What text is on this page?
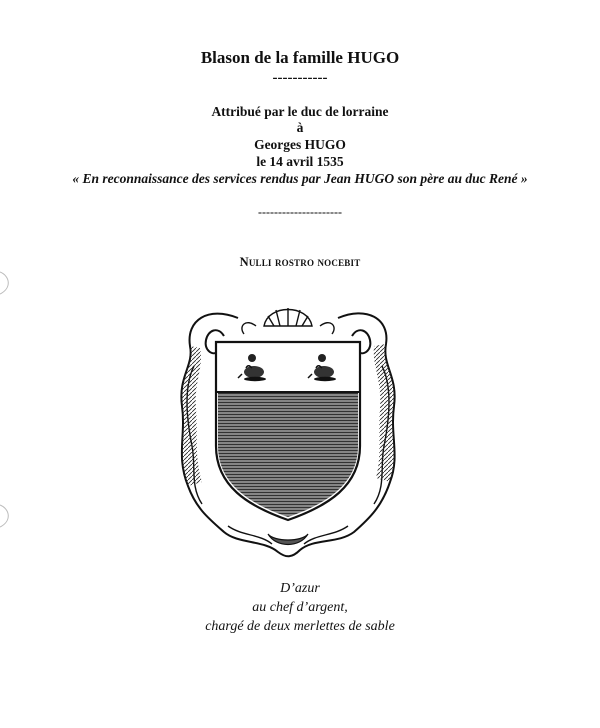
Blason de la famille HUGO
-----------
Attribué par le duc de lorraine
à
Georges HUGO
le 14 avril 1535
« En reconnaissance des services rendus par Jean HUGO son père au duc René »
---------------------
Nulli rostro nocebit
D’azur
au chef d’argent,
chargé de deux merlettes de sable
